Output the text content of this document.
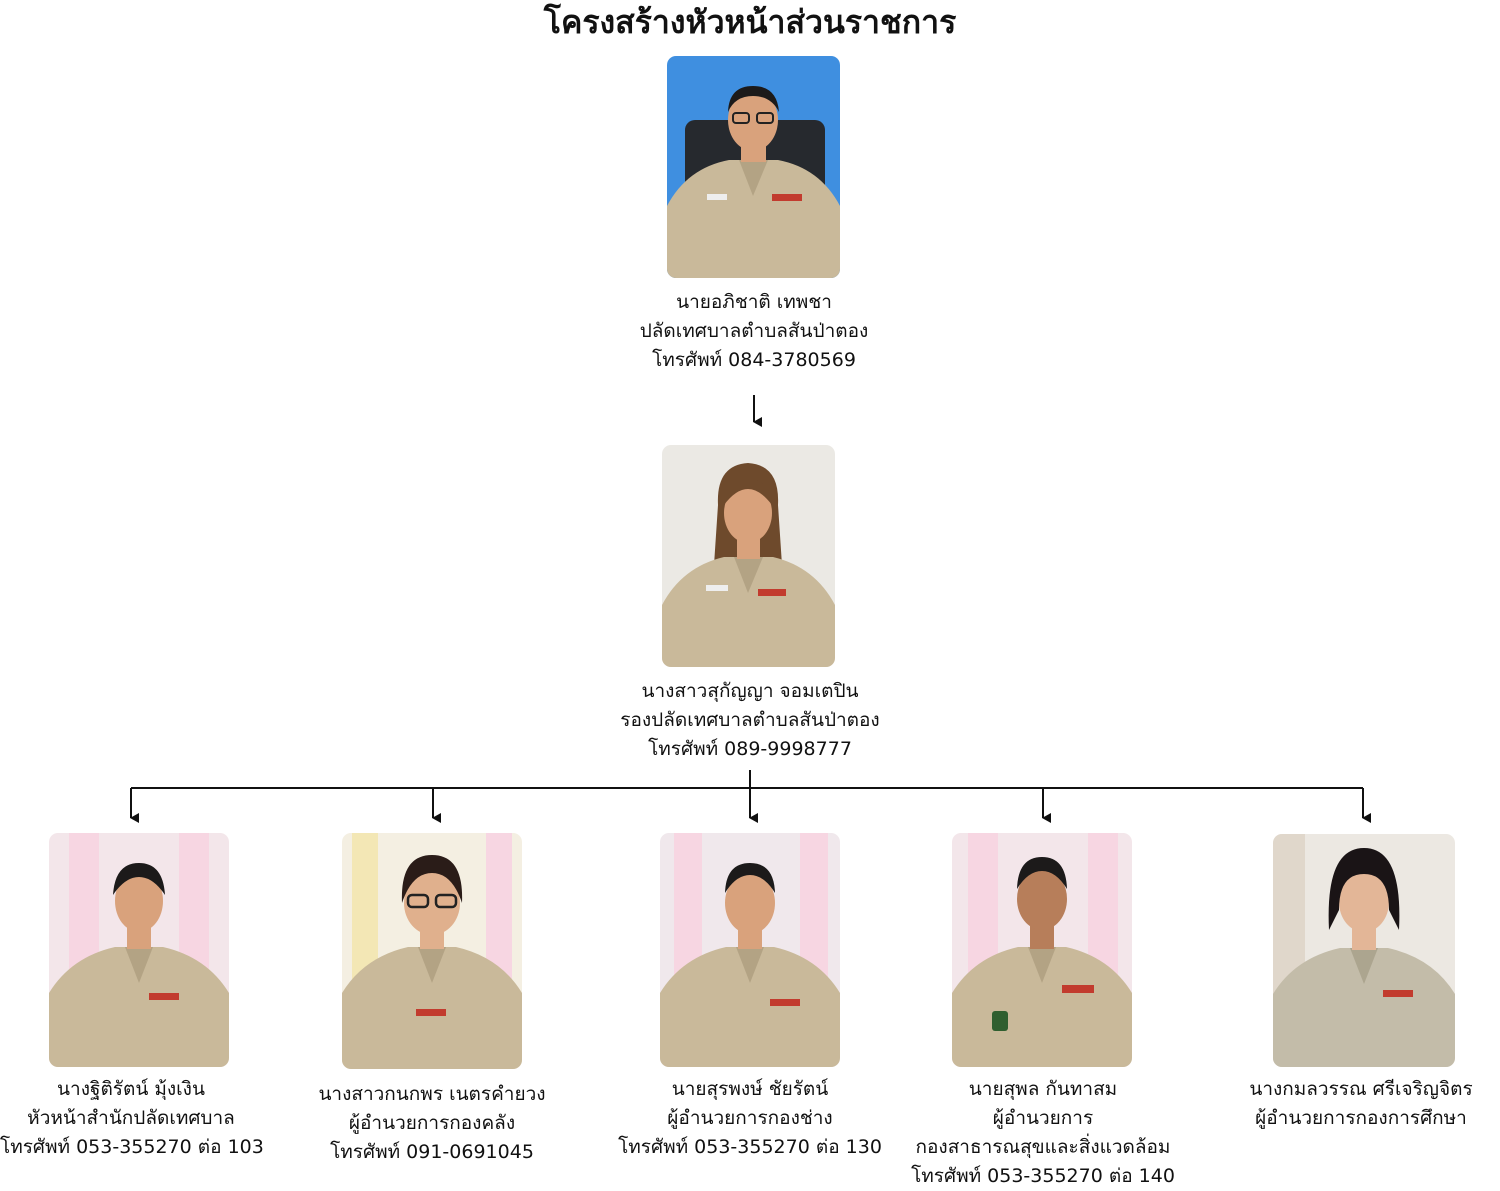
โครงสร้างหัวหน้าส่วนราชการ
นายอภิชาติ เทพชา
ปลัดเทศบาลตำบลสันป่าตอง
โทรศัพท์ 084-3780569
นางสาวสุกัญญา จอมเตปิน
รองปลัดเทศบาลตำบลสันป่าตอง
โทรศัพท์ 089-9998777
นางฐิติรัตน์ มุ้งเงิน
หัวหน้าสำนักปลัดเทศบาล
โทรศัพท์ 053-355270 ต่อ 103
นางสาวกนกพร เนตรคำยวง
ผู้อำนวยการกองคลัง
โทรศัพท์ 091-0691045
นายสุรพงษ์ ชัยรัตน์
ผู้อำนวยการกองช่าง
โทรศัพท์ 053-355270 ต่อ 130
นายสุพล กันทาสม
ผู้อำนวยการ
กองสาธารณสุขและสิ่งแวดล้อม
โทรศัพท์ 053-355270 ต่อ 140
นางกมลวรรณ ศรีเจริญจิตร
ผู้อำนวยการกองการศึกษา
